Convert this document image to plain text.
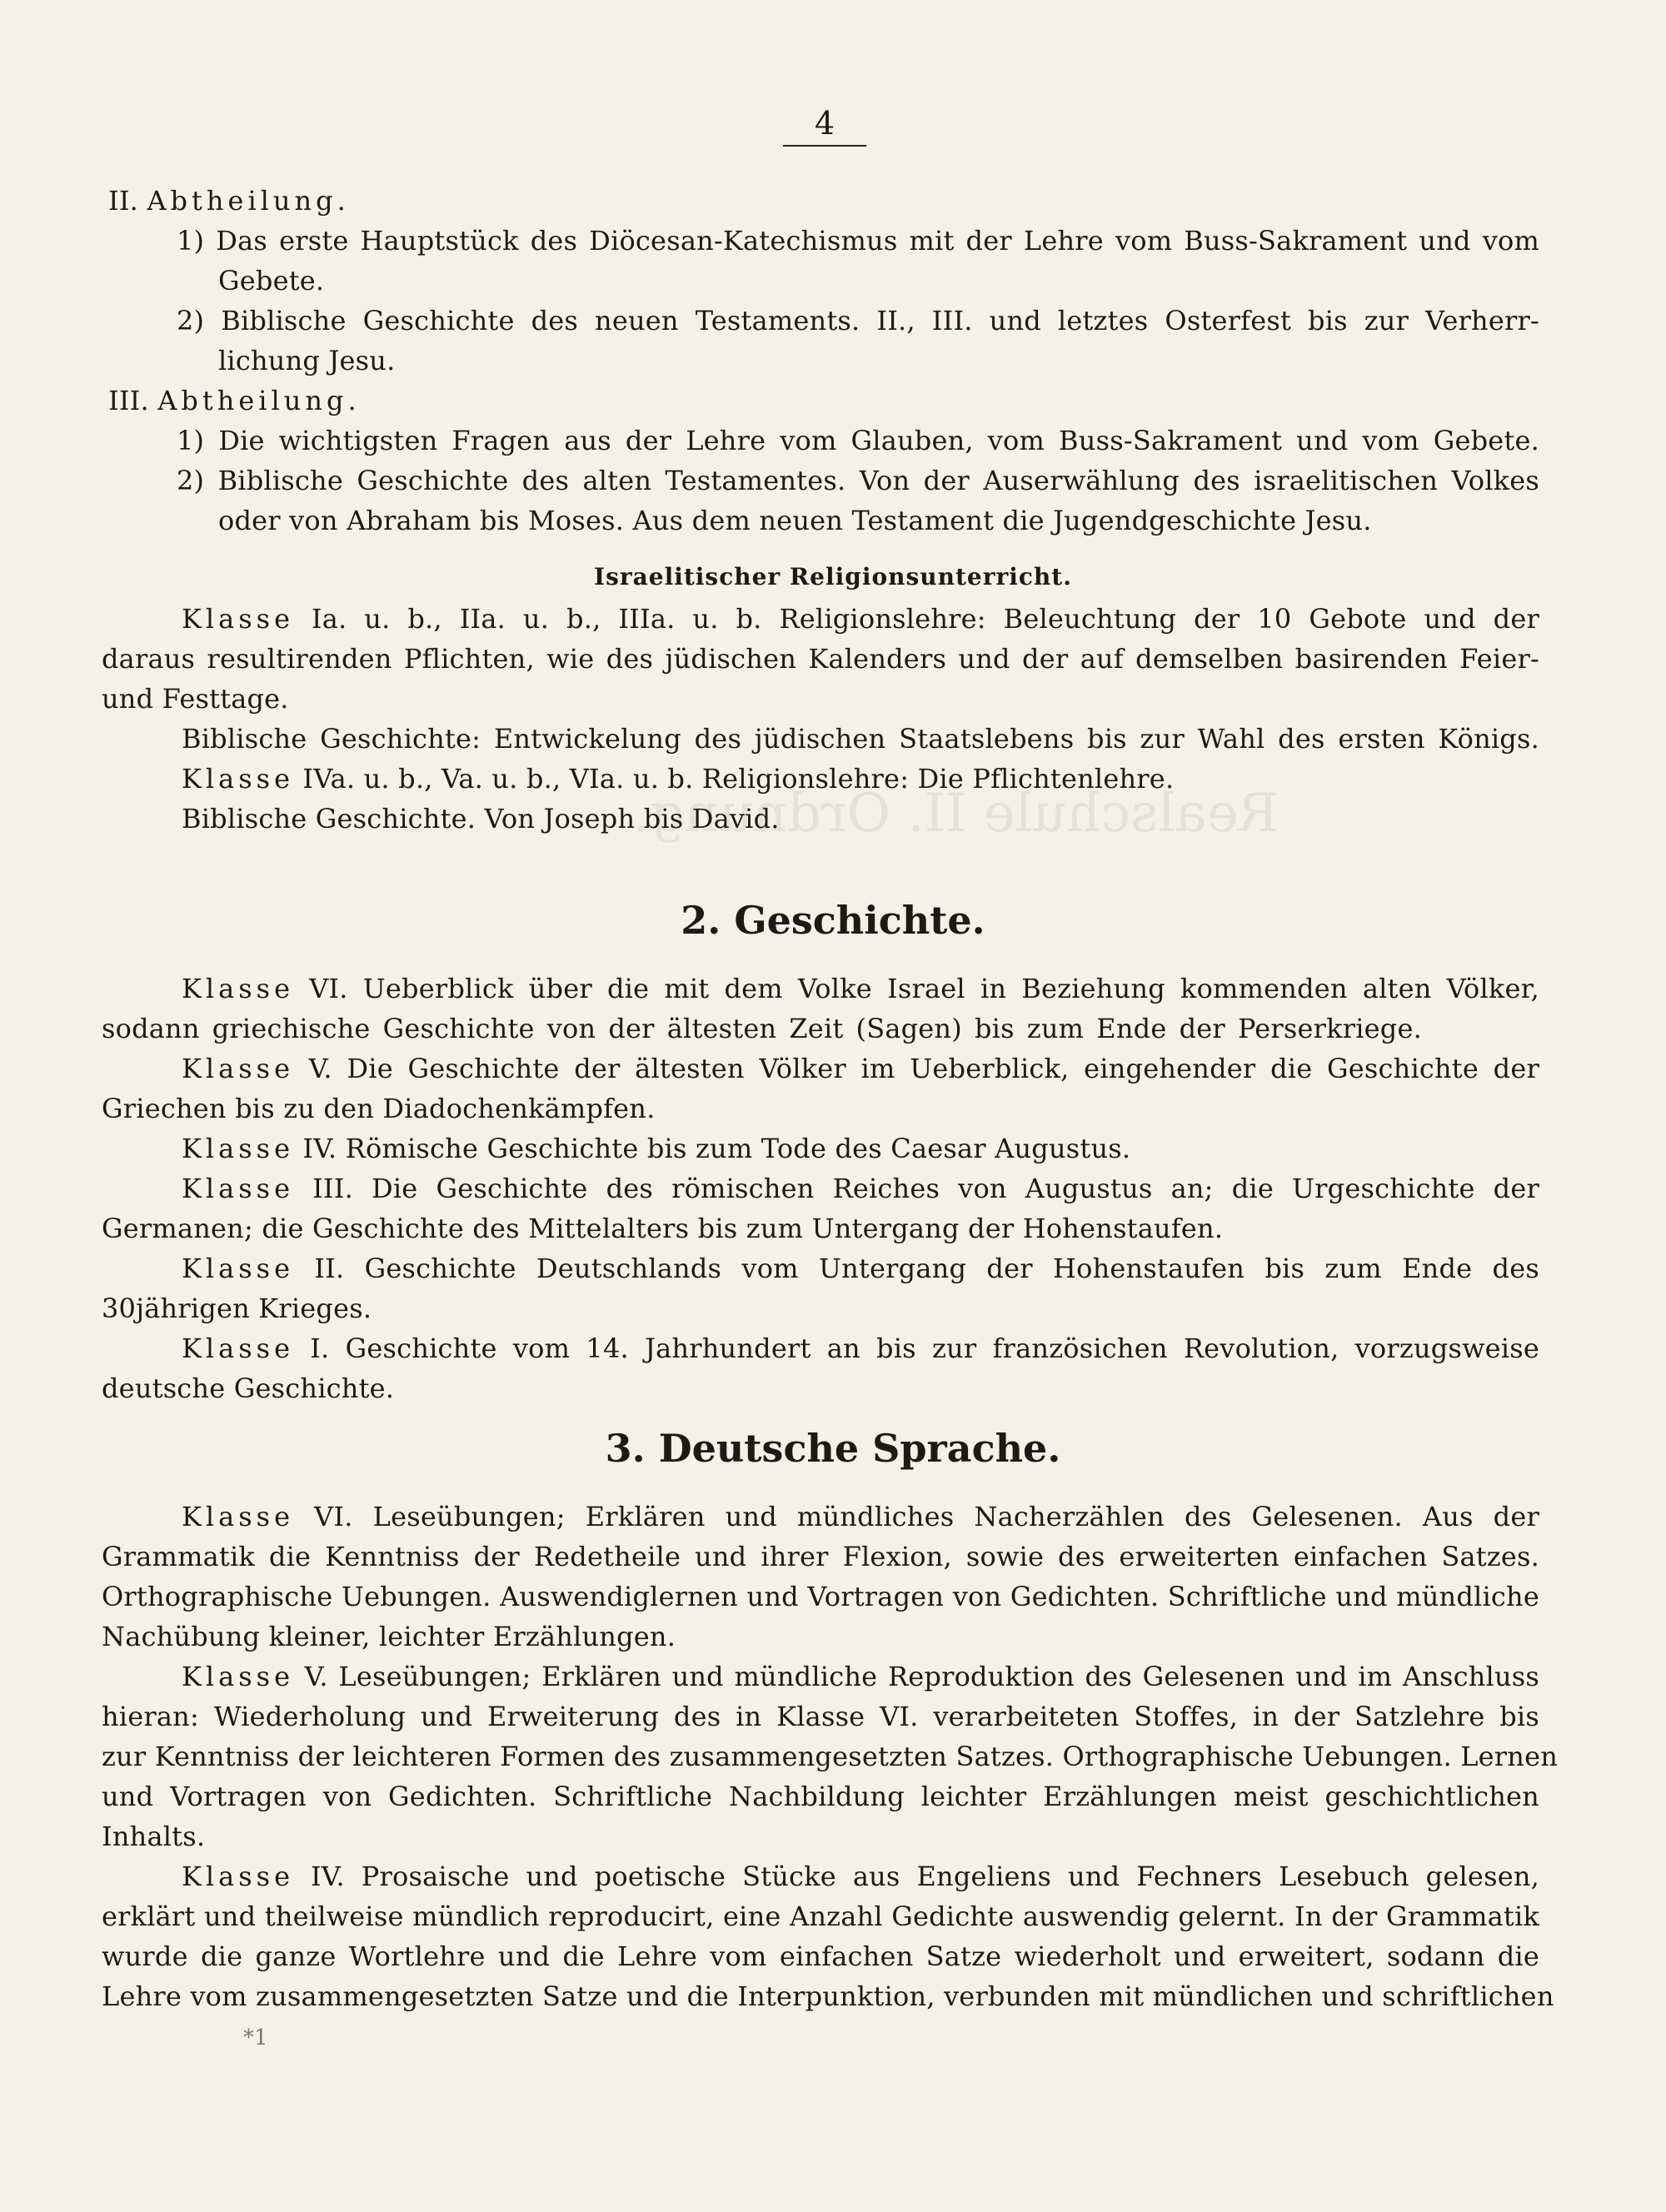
Realschule II. Ordnung.
4
II. Abtheilung.
1) Das erste Hauptstück des Diöcesan-Katechismus mit der Lehre vom Buss-Sakrament und vom
Gebete.
2) Biblische Geschichte des neuen Testaments. II., III. und letztes Osterfest bis zur Verherr-
lichung Jesu.
III. Abtheilung.
1) Die wichtigsten Fragen aus der Lehre vom Glauben, vom Buss-Sakrament und vom Gebete.
2) Biblische Geschichte des alten Testamentes. Von der Auserwählung des israelitischen Volkes
oder von Abraham bis Moses. Aus dem neuen Testament die Jugendgeschichte Jesu.
Israelitischer Religionsunterricht.
Klasse Ia. u. b., IIa. u. b., IIIa. u. b. Religionslehre: Beleuchtung der 10 Gebote und der
daraus resultirenden Pflichten, wie des jüdischen Kalenders und der auf demselben basirenden Feier-
und Festtage.
Biblische Geschichte: Entwickelung des jüdischen Staatslebens bis zur Wahl des ersten Königs.
Klasse IVa. u. b., Va. u. b., VIa. u. b. Religionslehre: Die Pflichtenlehre.
Biblische Geschichte. Von Joseph bis David.
2. Geschichte.
Klasse VI. Ueberblick über die mit dem Volke Israel in Beziehung kommenden alten Völker,
sodann griechische Geschichte von der ältesten Zeit (Sagen) bis zum Ende der Perserkriege.
Klasse V. Die Geschichte der ältesten Völker im Ueberblick, eingehender die Geschichte der
Griechen bis zu den Diadochenkämpfen.
Klasse IV. Römische Geschichte bis zum Tode des Caesar Augustus.
Klasse III. Die Geschichte des römischen Reiches von Augustus an; die Urgeschichte der
Germanen; die Geschichte des Mittelalters bis zum Untergang der Hohenstaufen.
Klasse II. Geschichte Deutschlands vom Untergang der Hohenstaufen bis zum Ende des
30jährigen Krieges.
Klasse I. Geschichte vom 14. Jahrhundert an bis zur französichen Revolution, vorzugsweise
deutsche Geschichte.
3. Deutsche Sprache.
Klasse VI. Leseübungen; Erklären und mündliches Nacherzählen des Gelesenen. Aus der
Grammatik die Kenntniss der Redetheile und ihrer Flexion, sowie des erweiterten einfachen Satzes.
Orthographische Uebungen. Auswendiglernen und Vortragen von Gedichten. Schriftliche und mündliche
Nachübung kleiner, leichter Erzählungen.
Klasse V. Leseübungen; Erklären und mündliche Reproduktion des Gelesenen und im Anschluss
hieran: Wiederholung und Erweiterung des in Klasse VI. verarbeiteten Stoffes, in der Satzlehre bis
zur Kenntniss der leichteren Formen des zusammengesetzten Satzes. Orthographische Uebungen. Lernen
und Vortragen von Gedichten. Schriftliche Nachbildung leichter Erzählungen meist geschichtlichen
Inhalts.
Klasse IV. Prosaische und poetische Stücke aus Engeliens und Fechners Lesebuch gelesen,
erklärt und theilweise mündlich reproducirt, eine Anzahl Gedichte auswendig gelernt. In der Grammatik
wurde die ganze Wortlehre und die Lehre vom einfachen Satze wiederholt und erweitert, sodann die
Lehre vom zusammengesetzten Satze und die Interpunktion, verbunden mit mündlichen und schriftlichen
*1
